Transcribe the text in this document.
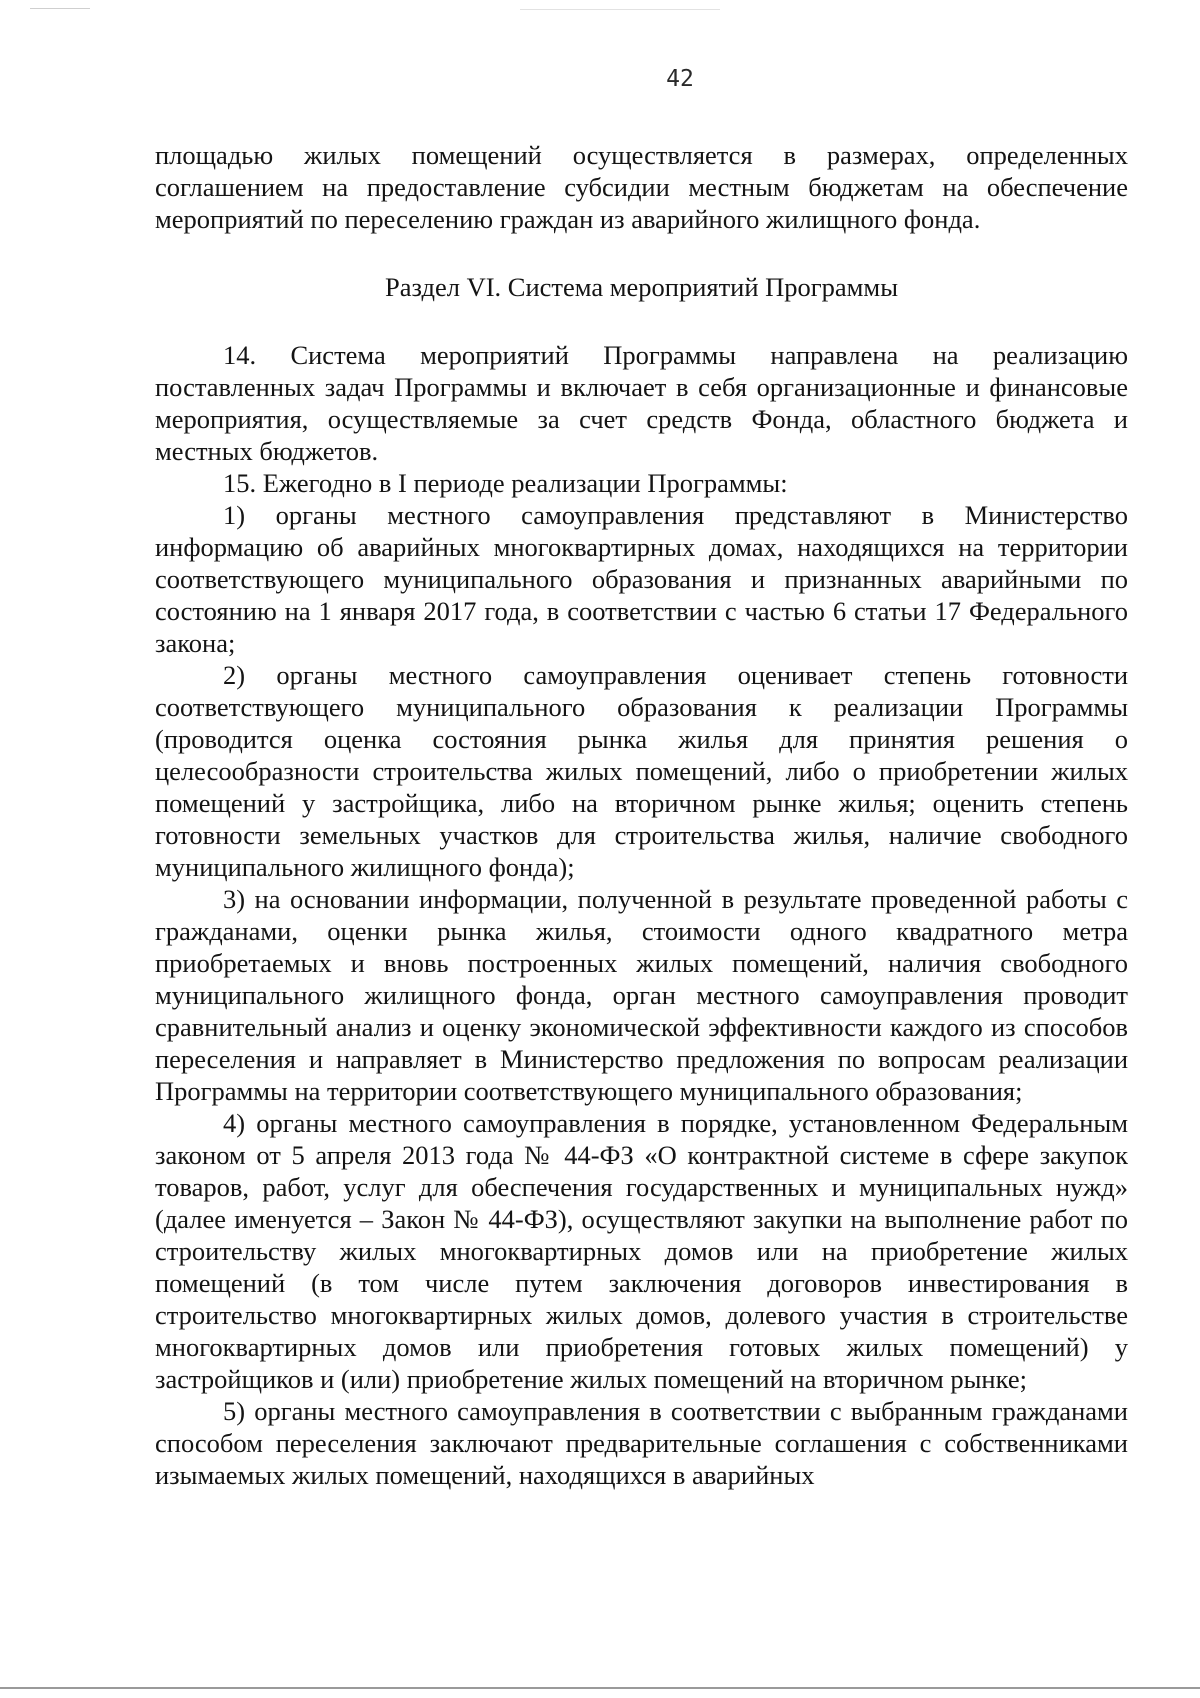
42

площадью жилых помещений осуществляется в размерах, определенных соглашением на предоставление субсидии местным бюджетам на обеспечение мероприятий по переселению граждан из аварийного жилищного фонда.

Раздел VI. Система мероприятий Программы

14. Система мероприятий Программы направлена на реализацию поставленных задач Программы и включает в себя организационные и финансовые мероприятия, осуществляемые за счет средств Фонда, областного бюджета и местных бюджетов.

15. Ежегодно в I периоде реализации Программы:

1) органы местного самоуправления представляют в Министерство информацию об аварийных многоквартирных домах, находящихся на территории соответствующего муниципального образования и признанных аварийными по состоянию на 1 января 2017 года, в соответствии с частью 6 статьи 17 Федерального закона;

2) органы местного самоуправления оценивает степень готовности соответствующего муниципального образования к реализации Программы (проводится оценка состояния рынка жилья для принятия решения о целесообразности строительства жилых помещений, либо о приобретении жилых помещений у застройщика, либо на вторичном рынке жилья; оценить степень готовности земельных участков для строительства жилья, наличие свободного муниципального жилищного фонда);

3) на основании информации, полученной в результате проведенной работы с гражданами, оценки рынка жилья, стоимости одного квадратного метра приобретаемых и вновь построенных жилых помещений, наличия свободного муниципального жилищного фонда, орган местного самоуправления проводит сравнительный анализ и оценку экономической эффективности каждого из способов переселения и направляет в Министерство предложения по вопросам реализации Программы на территории соответствующего муниципального образования;

4) органы местного самоуправления в порядке, установленном Федеральным законом от 5 апреля 2013 года № 44-ФЗ «О контрактной системе в сфере закупок товаров, работ, услуг для обеспечения государственных и муниципальных нужд» (далее именуется – Закон № 44-ФЗ), осуществляют закупки на выполнение работ по строительству жилых многоквартирных домов или на приобретение жилых помещений (в том числе путем заключения договоров инвестирования в строительство многоквартирных жилых домов, долевого участия в строительстве многоквартирных домов или приобретения готовых жилых помещений) у застройщиков и (или) приобретение жилых помещений на вторичном рынке;

5) органы местного самоуправления в соответствии с выбранным гражданами способом переселения заключают предварительные соглашения с собственниками изымаемых жилых помещений, находящихся в аварийных
